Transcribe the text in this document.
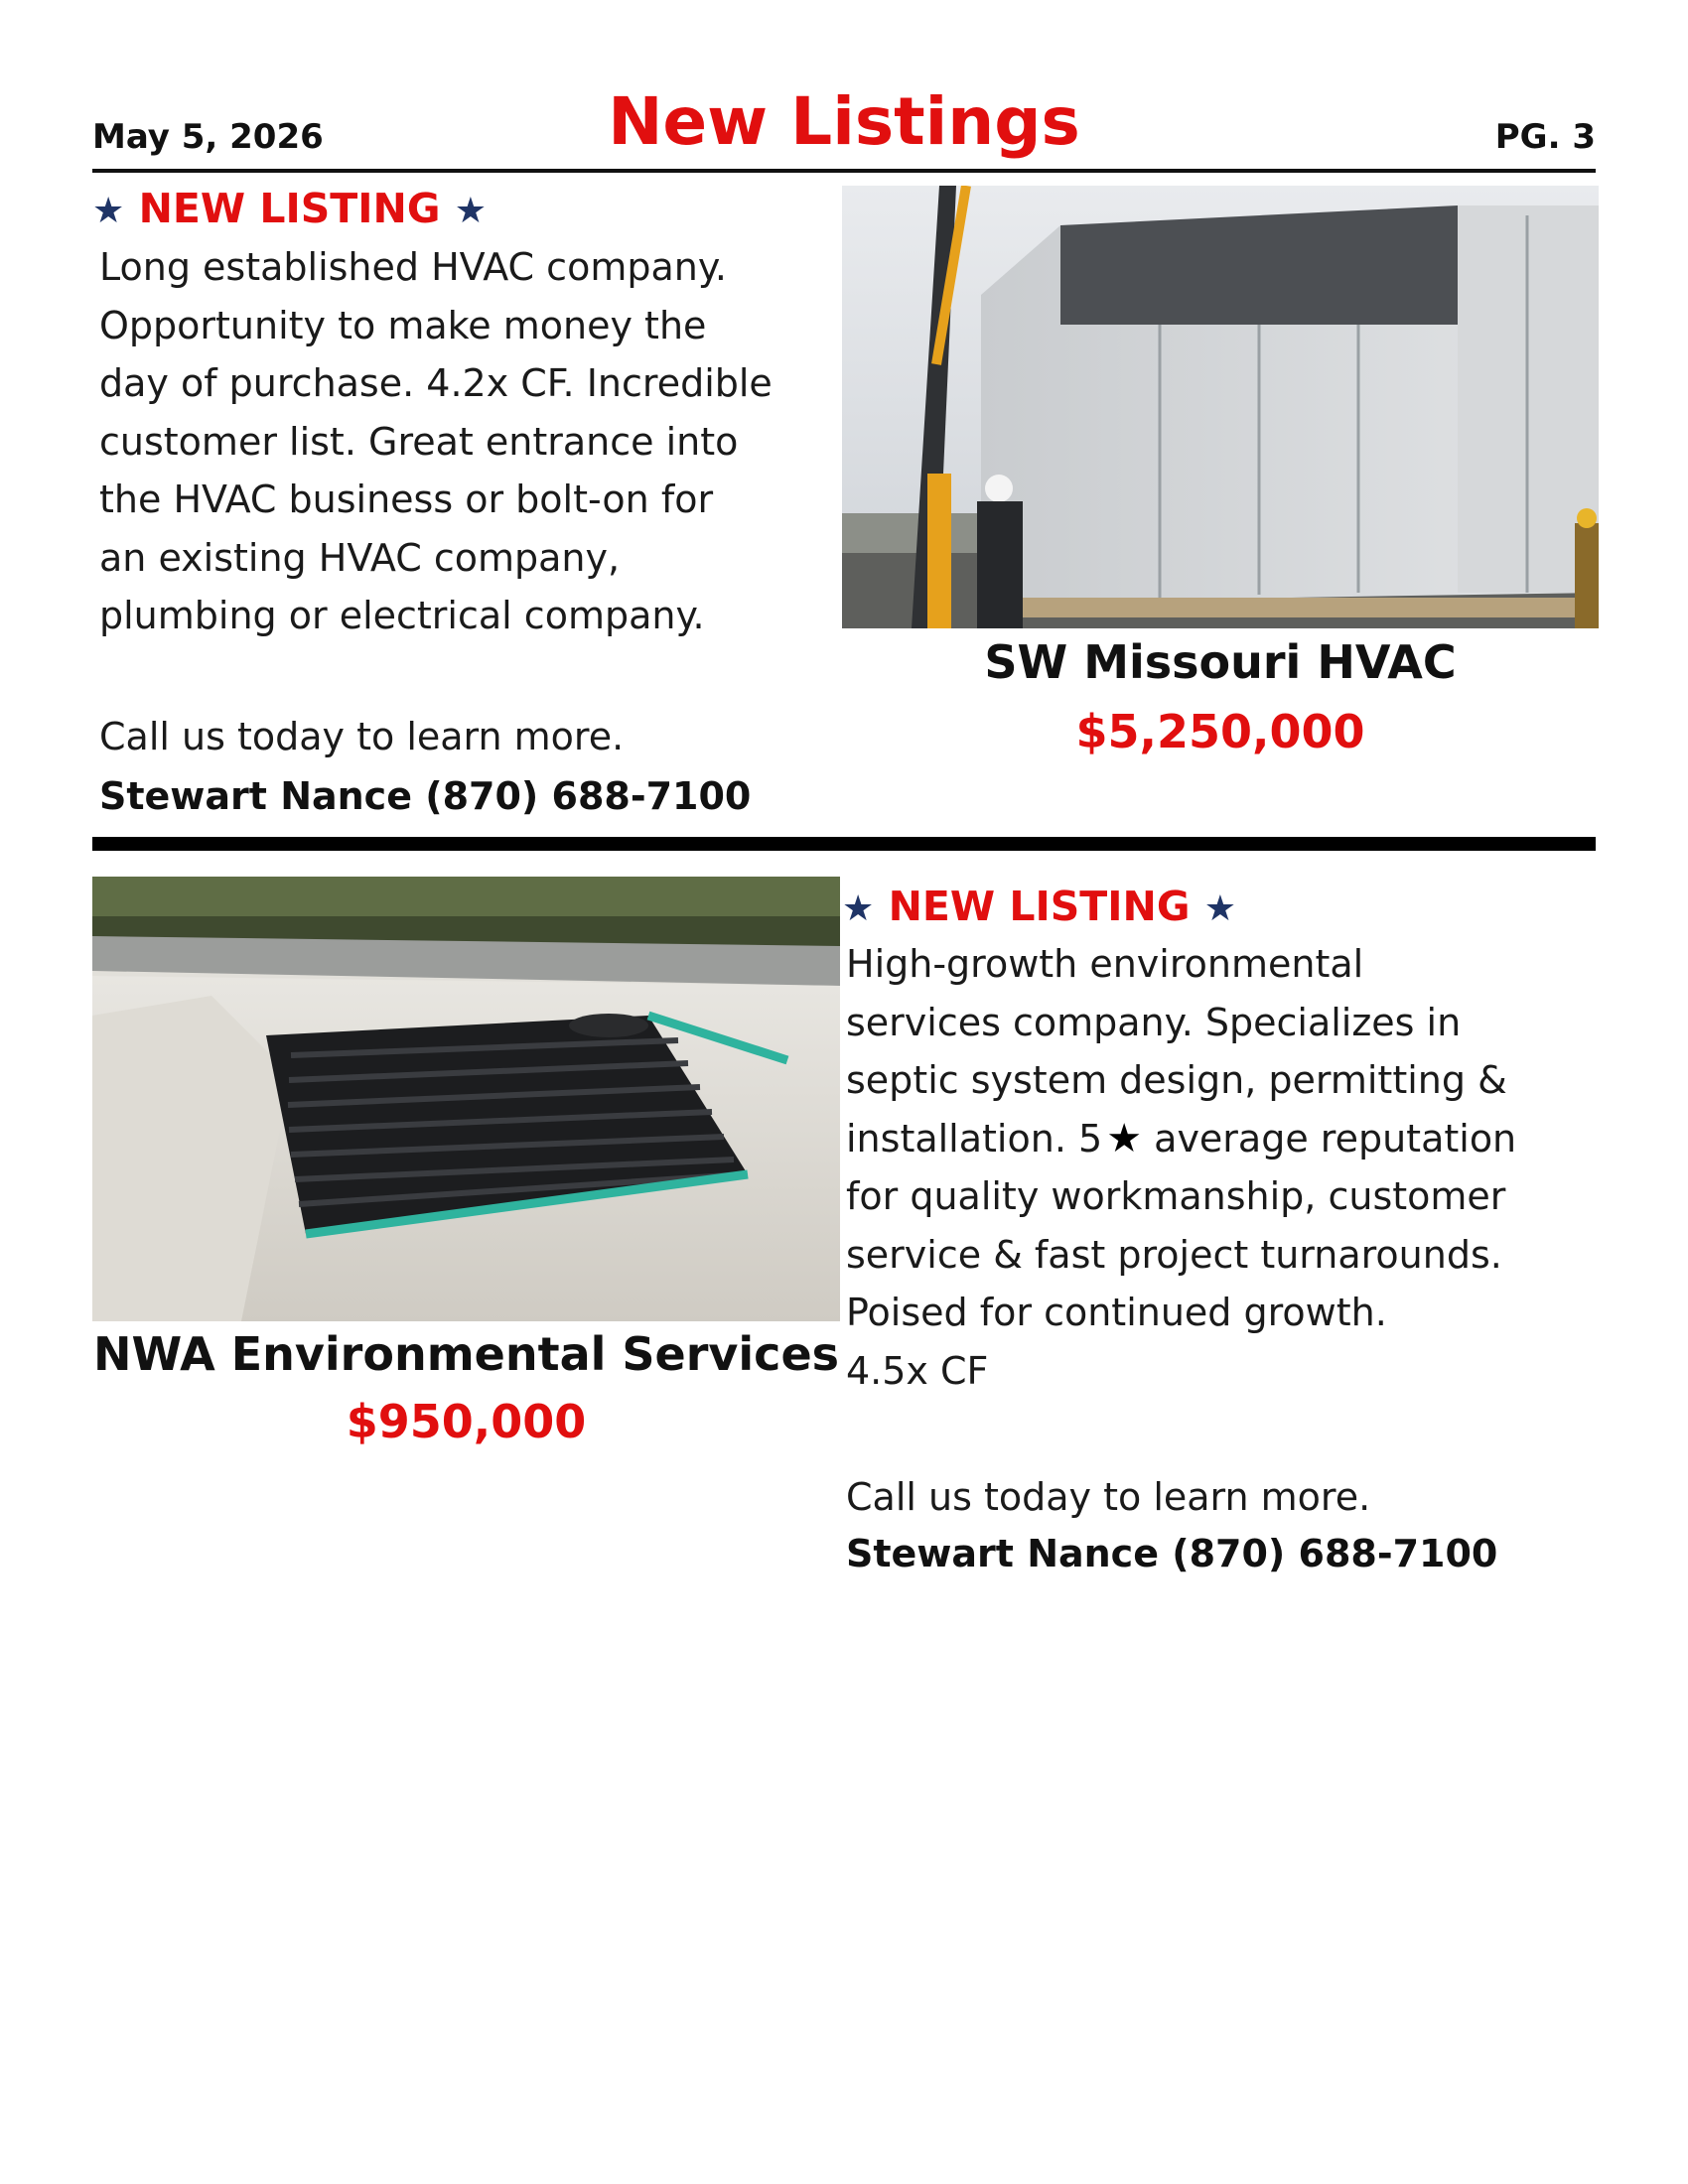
May 5, 2026	New Listings	PG. 3
★ NEW LISTING ★

Long established HVAC company.

Opportunity to make money the

day of purchase. 4.2x CF. Incredible

customer list. Great entrance into

the HVAC business or bolt-on for

an existing HVAC company,

plumbing or electrical company.

Call us today to learn more.
Stewart Nance (870) 688-7100
SW Missouri HVAC
$5,250,000
NWA Environmental Services
$950,000
★ NEW LISTING ★

High-growth environmental

services company. Specializes in

septic system design, permitting &

installation. 5 ★ average reputation

for quality workmanship, customer

service & fast project turnarounds.

Poised for continued growth.

4.5x CF

Call us today to learn more.
Stewart Nance (870) 688-7100
